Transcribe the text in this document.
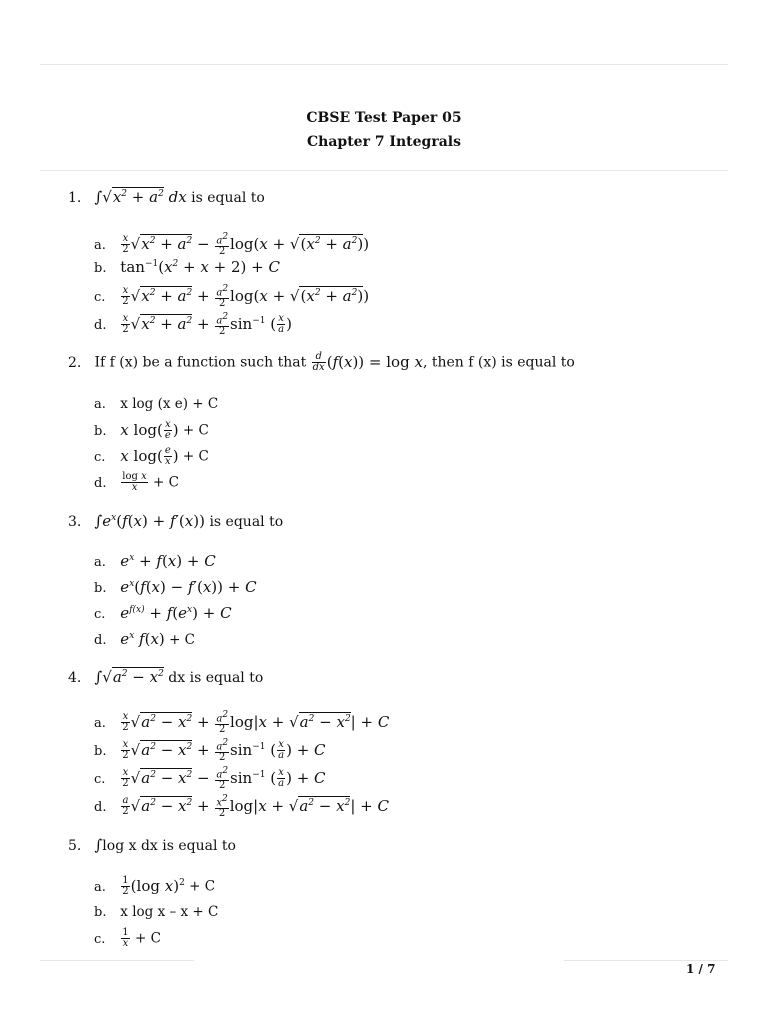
CBSE Test Paper 05
Chapter 7 Integrals
1. $\int√x^2 + a^2$ dx is equal to
a. $\frac{x}{2} √x^2 + a^2 - \frac{a^2}{2} \log(x + √(x^2 + a^2))$
b. $\tan^{-1}(x^2 + x + 2) + C$
c. $\frac{x}{2} √x^2 + a^2 + \frac{a^2}{2} \log(x + √(x^2 + a^2))$
d. $\frac{x}{2} √x^2 + a^2 + \frac{a^2}{2} \sin^{-1}$ ( $\frac{x}{a}$ )
2. If f (x) be a function such that $\frac{d}{dx} (f(x)) = \log x$, then f (x) is equal to
a. x log (x e) + C
b. x $\log( \frac{x}{e}$ ) + C
c. x $\log( \frac{e}{x}$ ) + C
d. $\frac{\text{log x}}{x} + C$
3. $\int e^x(f(x) + f'(x))$ is equal to
a. $e^x + f(x) + C$
b. $e^x(f(x) - f'(x)) + C$
c. $e^{f(x)} + f(e^x) + C$
d. $e^x$ f(x) + C
4. $\int√a^2 - x^2$ dx is equal to
a. $\frac{x}{2} √a^2 - x^2 + \frac{a^2}{2} \log|x + √a^2 - x^2| + C$
b. $\frac{x}{2} √a^2 - x^2 + \frac{a^2}{2} \sin^{-1}$ ( $\frac{x}{a}$ ) + C
c. $\frac{x}{2} √a^2 - x^2 - \frac{a^2}{2} \sin^{-1}$ ( $\frac{x}{a}$ ) + C
d. $\frac{a}{2} √a^2 - x^2 + \frac{x^2}{2} \log|x + √a^2 - x^2| + C$
5. ∫log x dx is equal to
a. $\frac{1}{2} (\log$ x)$^2$ + C
b. x log x – x + C
c. $\frac{1}{x} + C$
1 / 7
